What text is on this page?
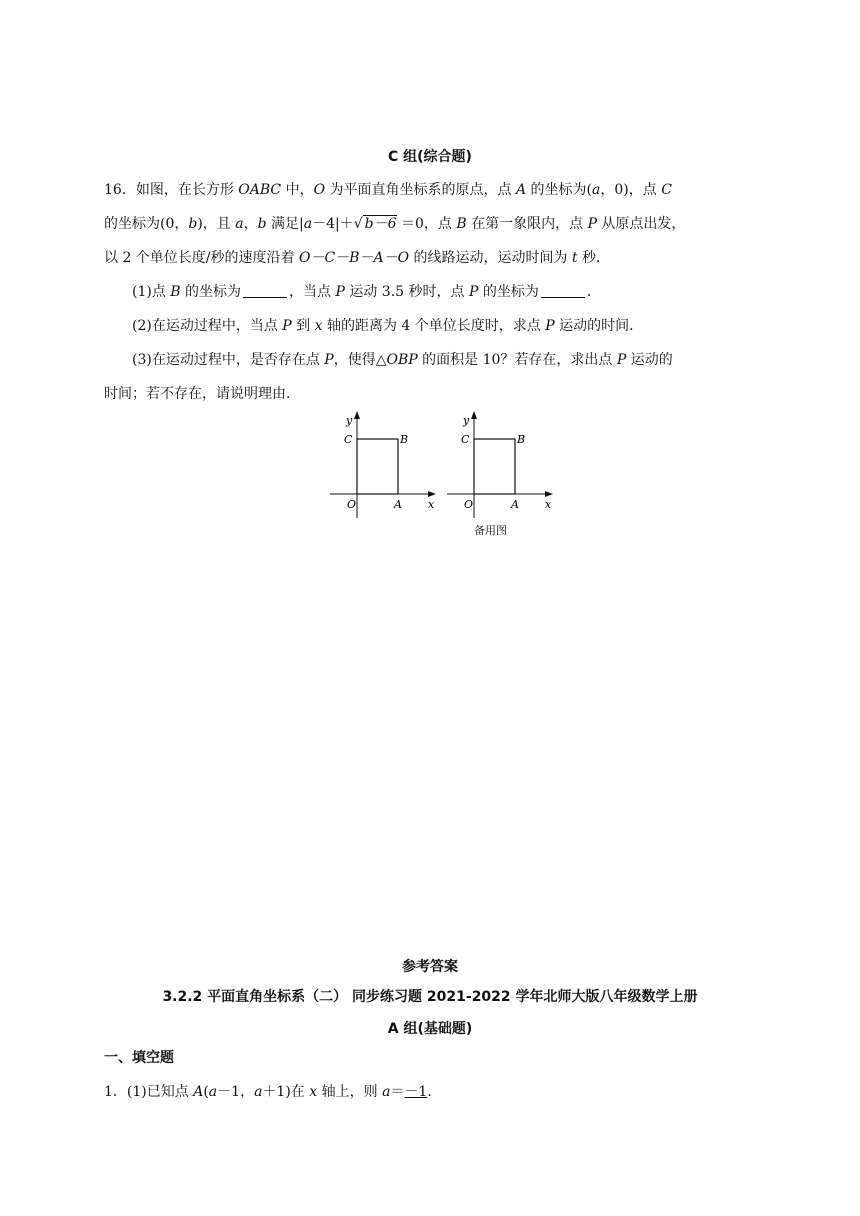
C 组(综合题)
16．如图，在长方形 OABC 中，O 为平面直角坐标系的原点，点 A 的坐标为(a，0)，点 C
的坐标为(0，b)，且 a，b 满足|a－4|＋√ b－6 ＝0，点 B 在第一象限内，点 P 从原点出发，
以 2 个单位长度/秒的速度沿着 O－C－B－A－O 的线路运动，运动时间为 t 秒．
(1)点 B 的坐标为	，当点 P 运动 3.5 秒时，点 P 的坐标为	．
(2)在运动过程中，当点 P 到 x 轴的距离为 4 个单位长度时，求点 P 运动的时间．
(3)在运动过程中，是否存在点 P，使得△OBP 的面积是 10？若存在，求出点 P 运动的
时间；若不存在，请说明理由．
y
C	B
O	A x
y
C	B
O	A x
备用图
参考答案
3.2.2 平面直角坐标系（二） 同步练习题 2021-2022 学年北师大版八年级数学上册
A 组(基础题)
一、填空题
1．(1)已知点 A(a－1，a＋1)在 x 轴上，则 a＝－1．
